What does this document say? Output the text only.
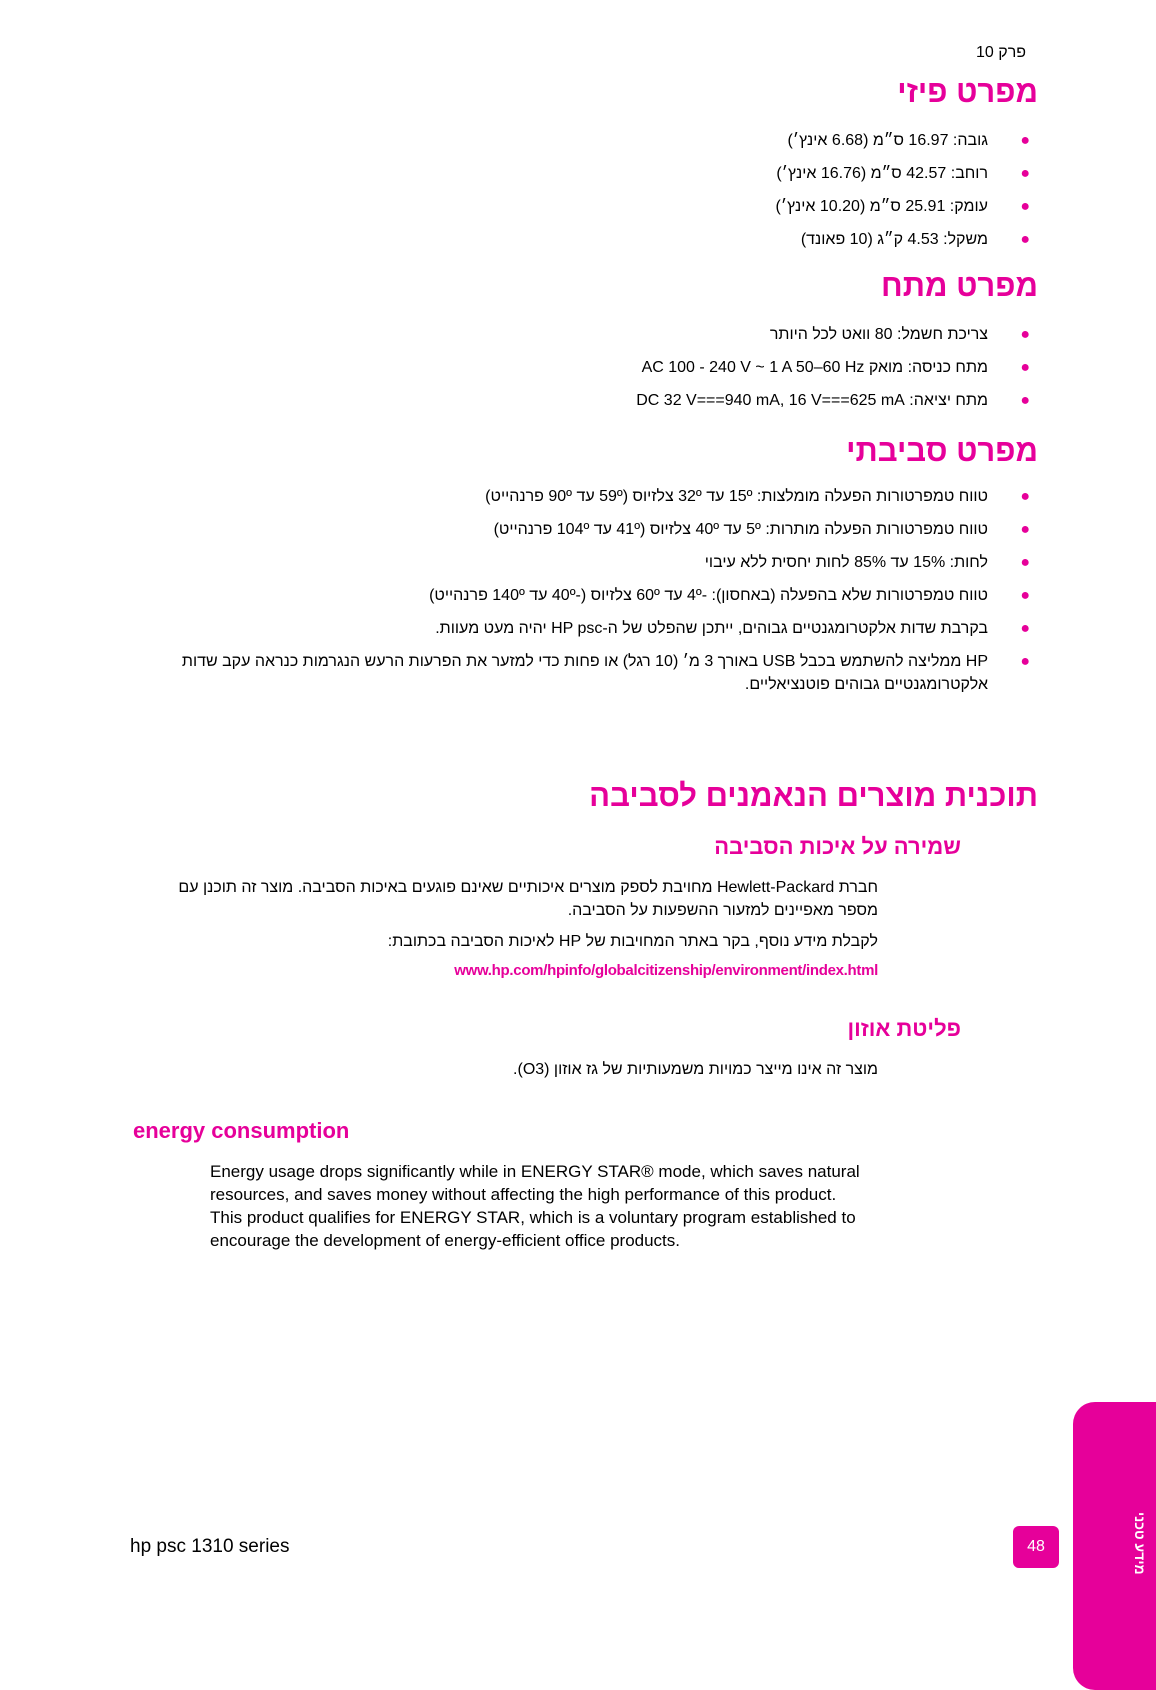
פרק 10
מפרט פיזי
●
גובה: 16.97 ס״מ (6.68 אינץ׳)
●
רוחב: 42.57 ס״מ (16.76 אינץ׳)
●
עומק: 25.91 ס״מ (10.20 אינץ׳)
●
משקל: 4.53 ק״ג (10 פאונד)
מפרט מתח
●
צריכת חשמל: 80 וואט לכל היותר
●
מתח כניסה: מואק AC 100 - 240 V ~ 1 A 50–60 Hz
●
מתח יציאה: DC 32 V===940 mA, 16 V===625 mA
מפרט סביבתי
●
טווח טמפרטורות הפעלה מומלצות: 15º עד 32º צלזיוס (59º עד 90º פרנהייט)
●
טווח טמפרטורות הפעלה מותרות: 5º עד 40º צלזיוס (41º עד 104º פרנהייט)
●
לחות: 15% עד 85% לחות יחסית ללא עיבוי
●
טווח טמפרטורות שלא בהפעלה (באחסון): -4º עד 60º צלזיוס (-40º עד 140º פרנהייט)
●
בקרבת שדות אלקטרומגנטיים גבוהים, ייתכן שהפלט של ה-HP psc יהיה מעט מעוות.
●
HP ממליצה להשתמש בכבל USB באורך 3 מ׳ (10 רגל) או פחות כדי למזער את הפרעות הרעש הנגרמות כנראה עקב שדות אלקטרומגנטיים גבוהים פוטנציאליים.
תוכנית מוצרים הנאמנים לסביבה
שמירה על איכות הסביבה
חברת Hewlett-Packard מחויבת לספק מוצרים איכותיים שאינם פוגעים באיכות הסביבה. מוצר זה תוכנן עם מספר מאפיינים למזעור ההשפעות על הסביבה.
לקבלת מידע נוסף, בקר באתר המחויבות של HP לאיכות הסביבה בכתובת:
www.hp.com/hpinfo/globalcitizenship/environment/index.html
פליטת אוזון
מוצר זה אינו מייצר כמויות משמעותיות של גז אוזון (O3).
energy consumption
Energy usage drops significantly while in ENERGY STAR® mode, which saves natural resources, and saves money without affecting the high performance of this product. This product qualifies for ENERGY STAR, which is a voluntary program established to encourage the development of energy-efficient office products.
מידע טכני
48
hp psc 1310 series
